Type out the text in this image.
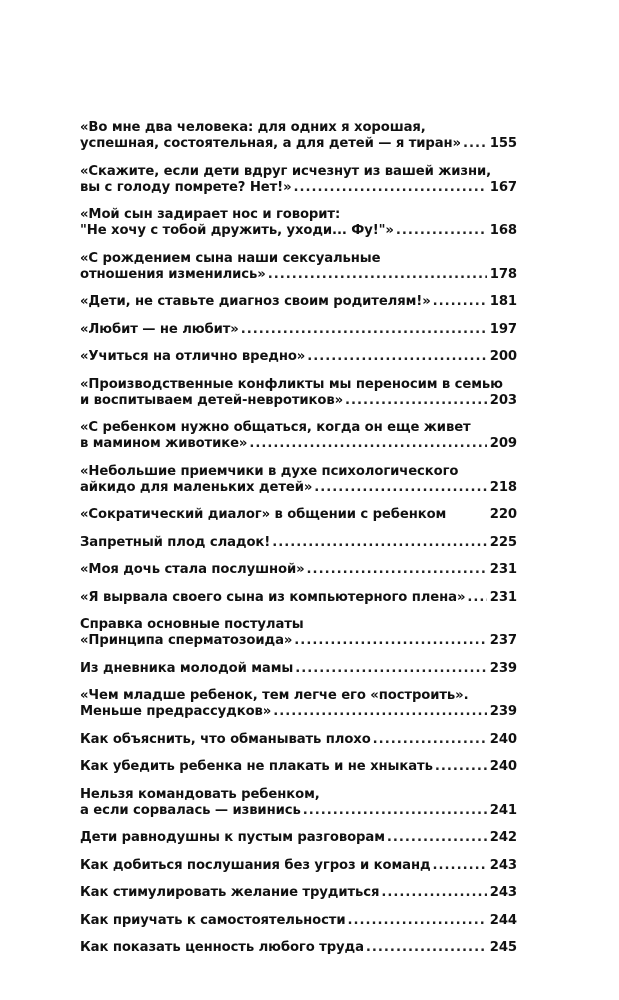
«Во мне два человека: для одних я хорошая,
успешная, состоятельная, а для детей — я тиран» ..... 155
«Скажите, если дети вдруг исчезнут из вашей жизни,
вы с голоду помрете? Нет!» .....	167
«Мой сын задирает нос и говорит:
"Не хочу с тобой дружить, уходи... Фу!"» .....	168
«С рождением сына наши сексуальные
отношения изменились» .....	178
«Дети, не ставьте диагноз своим родителям!» .....	181
«Любит — не любит» .....	197
«Учиться на отлично вредно» .....	200
«Производственные конфликты мы переносим в семью
и воспитываем детей-невротиков» .....	203
«С ребенком нужно общаться, когда он еще живет
в мамином животике» .....	209
«Небольшие приемчики в духе психологического
айкидо для маленьких детей» .....	218
«Сократический диалог» в общении с ребенком	220
Запретный плод сладок! .....	225
«Моя дочь стала послушной» .....	231
«Я вырвала своего сына из компьютерного плена» ..... 231
Справка основные постулаты
«Принципа сперматозоида» .....	237
Из дневника молодой мамы .....	239
«Чем младше ребенок, тем легче его «построить».
Меньше предрассудков» .....	239
Как объяснить, что обманывать плохо .....	240
Как убедить ребенка не плакать и не хныкать .....	240
Нельзя командовать ребенком,
а если сорвалась — извинись .....	241
Дети равнодушны к пустым разговорам .....	242
Как добиться послушания без угроз и команд .....	243
Как стимулировать желание трудиться .....	243
Как приучать к самостоятельности .....	244
Как показать ценность любого труда .....	245
